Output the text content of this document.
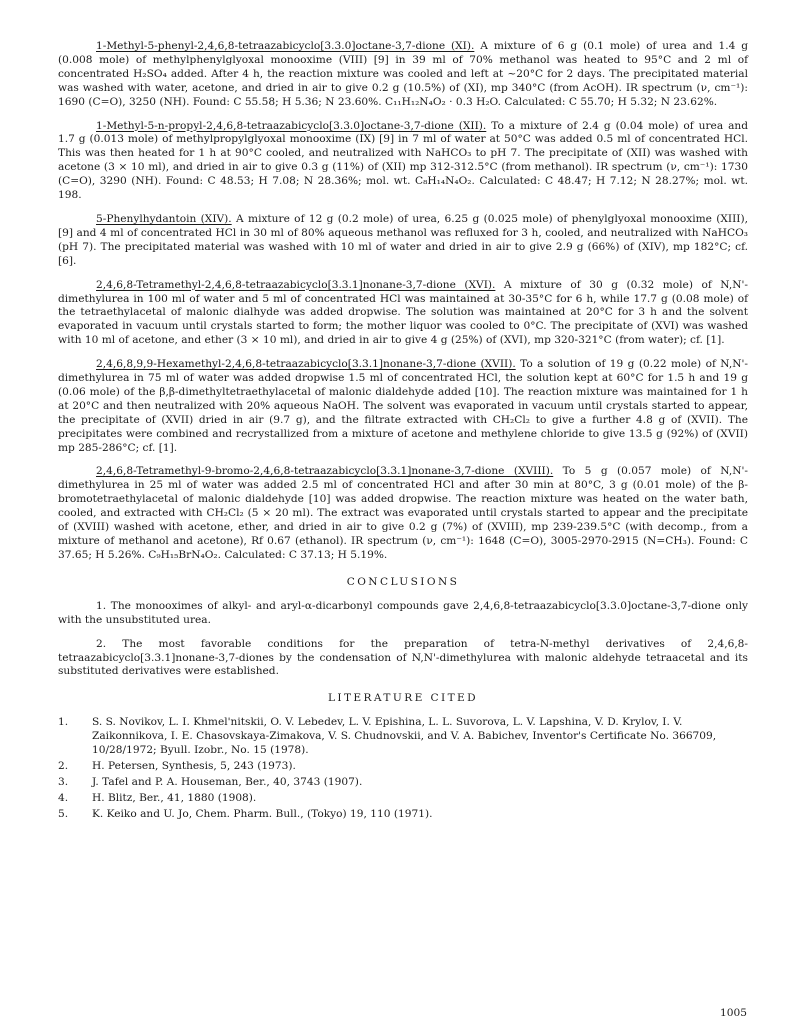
1-Methyl-5-phenyl-2,4,6,8-tetraazabicyclo[3.3.0]octane-3,7-dione (XI). A mixture of 6 g (0.1 mole) of urea and 1.4 g (0.008 mole) of methylphenylglyoxal monooxime (VIII) [9] in 39 ml of 70% methanol was heated to 95°C and 2 ml of concentrated H₂SO₄ added. After 4 h, the reaction mixture was cooled and left at ~20°C for 2 days. The precipitated material was washed with water, acetone, and dried in air to give 0.2 g (10.5%) of (XI), mp 340°C (from AcOH). IR spectrum (ν, cm⁻¹): 1690 (C=O), 3250 (NH). Found: C 55.58; H 5.36; N 23.60%. C₁₁H₁₂N₄O₂ · 0.3 H₂O. Calculated: C 55.70; H 5.32; N 23.62%.

1-Methyl-5-n-propyl-2,4,6,8-tetraazabicyclo[3.3.0]octane-3,7-dione (XII). To a mixture of 2.4 g (0.04 mole) of urea and 1.7 g (0.013 mole) of methylpropylglyoxal monooxime (IX) [9] in 7 ml of water at 50°C was added 0.5 ml of concentrated HCl. This was then heated for 1 h at 90°C cooled, and neutralized with NaHCO₃ to pH 7. The precipitate of (XII) was washed with acetone (3 × 10 ml), and dried in air to give 0.3 g (11%) of (XII) mp 312-312.5°C (from methanol). IR spectrum (ν, cm⁻¹): 1730 (C=O), 3290 (NH). Found: C 48.53; H 7.08; N 28.36%; mol. wt. C₈H₁₄N₄O₂. Calculated: C 48.47; H 7.12; N 28.27%; mol. wt. 198.

5-Phenylhydantoin (XIV). A mixture of 12 g (0.2 mole) of urea, 6.25 g (0.025 mole) of phenylglyoxal monooxime (XIII), [9] and 4 ml of concentrated HCl in 30 ml of 80% aqueous methanol was refluxed for 3 h, cooled, and neutralized with NaHCO₃ (pH 7). The precipitated material was washed with 10 ml of water and dried in air to give 2.9 g (66%) of (XIV), mp 182°C; cf. [6].

2,4,6,8-Tetramethyl-2,4,6,8-tetraazabicyclo[3.3.1]nonane-3,7-dione (XVI). A mixture of 30 g (0.32 mole) of N,N'-dimethylurea in 100 ml of water and 5 ml of concentrated HCl was maintained at 30-35°C for 6 h, while 17.7 g (0.08 mole) of the tetraethylacetal of malonic dialhyde was added dropwise. The solution was maintained at 20°C for 3 h and the solvent evaporated in vacuum until crystals started to form; the mother liquor was cooled to 0°C. The precipitate of (XVI) was washed with 10 ml of acetone, and ether (3 × 10 ml), and dried in air to give 4 g (25%) of (XVI), mp 320-321°C (from water); cf. [1].

2,4,6,8,9,9-Hexamethyl-2,4,6,8-tetraazabicyclo[3.3.1]nonane-3,7-dione (XVII). To a solution of 19 g (0.22 mole) of N,N'-dimethylurea in 75 ml of water was added dropwise 1.5 ml of concentrated HCl, the solution kept at 60°C for 1.5 h and 19 g (0.06 mole) of the β,β-dimethyltetraethylacetal of malonic dialdehyde added [10]. The reaction mixture was maintained for 1 h at 20°C and then neutralized with 20% aqueous NaOH. The solvent was evaporated in vacuum until crystals started to appear, the precipitate of (XVII) dried in air (9.7 g), and the filtrate extracted with CH₂Cl₂ to give a further 4.8 g of (XVII). The precipitates were combined and recrystallized from a mixture of acetone and methylene chloride to give 13.5 g (92%) of (XVII) mp 285-286°C; cf. [1].

2,4,6,8-Tetramethyl-9-bromo-2,4,6,8-tetraazabicyclo[3.3.1]nonane-3,7-dione (XVIII). To 5 g (0.057 mole) of N,N'-dimethylurea in 25 ml of water was added 2.5 ml of concentrated HCl and after 30 min at 80°C, 3 g (0.01 mole) of the β-bromotetraethylacetal of malonic dialdehyde [10] was added dropwise. The reaction mixture was heated on the water bath, cooled, and extracted with CH₂Cl₂ (5 × 20 ml). The extract was evaporated until crystals started to appear and the precipitate of (XVIII) washed with acetone, ether, and dried in air to give 0.2 g (7%) of (XVIII), mp 239-239.5°C (with decomp., from a mixture of methanol and acetone), Rf 0.67 (ethanol). IR spectrum (ν, cm⁻¹): 1648 (C=O), 3005-2970-2915 (N=CH₃). Found: C 37.65; H 5.26%. C₉H₁₅BrN₄O₂. Calculated: C 37.13; H 5.19%.

CONCLUSIONS

1. The monooximes of alkyl- and aryl-α-dicarbonyl compounds gave 2,4,6,8-tetraazabicyclo[3.3.0]octane-3,7-dione only with the unsubstituted urea.

2. The most favorable conditions for the preparation of tetra-N-methyl derivatives of 2,4,6,8-tetraazabicyclo[3.3.1]nonane-3,7-diones by the condensation of N,N'-dimethylurea with malonic aldehyde tetraacetal and its substituted derivatives were established.

LITERATURE CITED
1.	S. S. Novikov, L. I. Khmel'nitskii, O. V. Lebedev, L. V. Epishina, L. L. Suvorova, L. V. Lapshina, V. D. Krylov, I. V. Zaikonnikova, I. E. Chasovskaya-Zimakova, V. S. Chudnovskii, and V. A. Babichev, Inventor's Certificate No. 366709, 10/28/1972; Byull. Izobr., No. 15 (1978).
2.	H. Petersen, Synthesis, 5, 243 (1973).
3.	J. Tafel and P. A. Houseman, Ber., 40, 3743 (1907).
4.	H. Blitz, Ber., 41, 1880 (1908).
5.	K. Keiko and U. Jo, Chem. Pharm. Bull., (Tokyo) 19, 110 (1971).
1005
